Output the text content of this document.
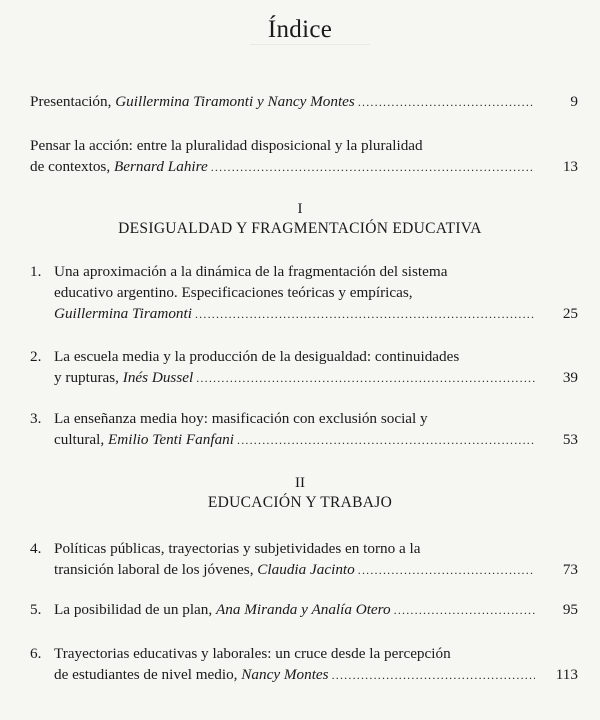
Índice
Presentación, Guillermina Tiramonti y Nancy Montes .....	9
Pensar la acción: entre la pluralidad disposicional y la pluralidad
de contextos, Bernard Lahire .....	13
I
DESIGUALDAD Y FRAGMENTACIÓN EDUCATIVA
1. Una aproximación a la dinámica de la fragmentación del sistema
educativo argentino. Especificaciones teóricas y empíricas,
Guillermina Tiramonti .....	25
2. La escuela media y la producción de la desigualdad: continuidades
y rupturas, Inés Dussel .....	39
3. La enseñanza media hoy: masificación con exclusión social y
cultural, Emilio Tenti Fanfani .....	53
II
EDUCACIÓN Y TRABAJO
4. Políticas públicas, trayectorias y subjetividades en torno a la
transición laboral de los jóvenes, Claudia Jacinto .....	73
5. La posibilidad de un plan, Ana Miranda y Analía Otero .....	95
6. Trayectorias educativas y laborales: un cruce desde la percepción
de estudiantes de nivel medio, Nancy Montes .....	113
